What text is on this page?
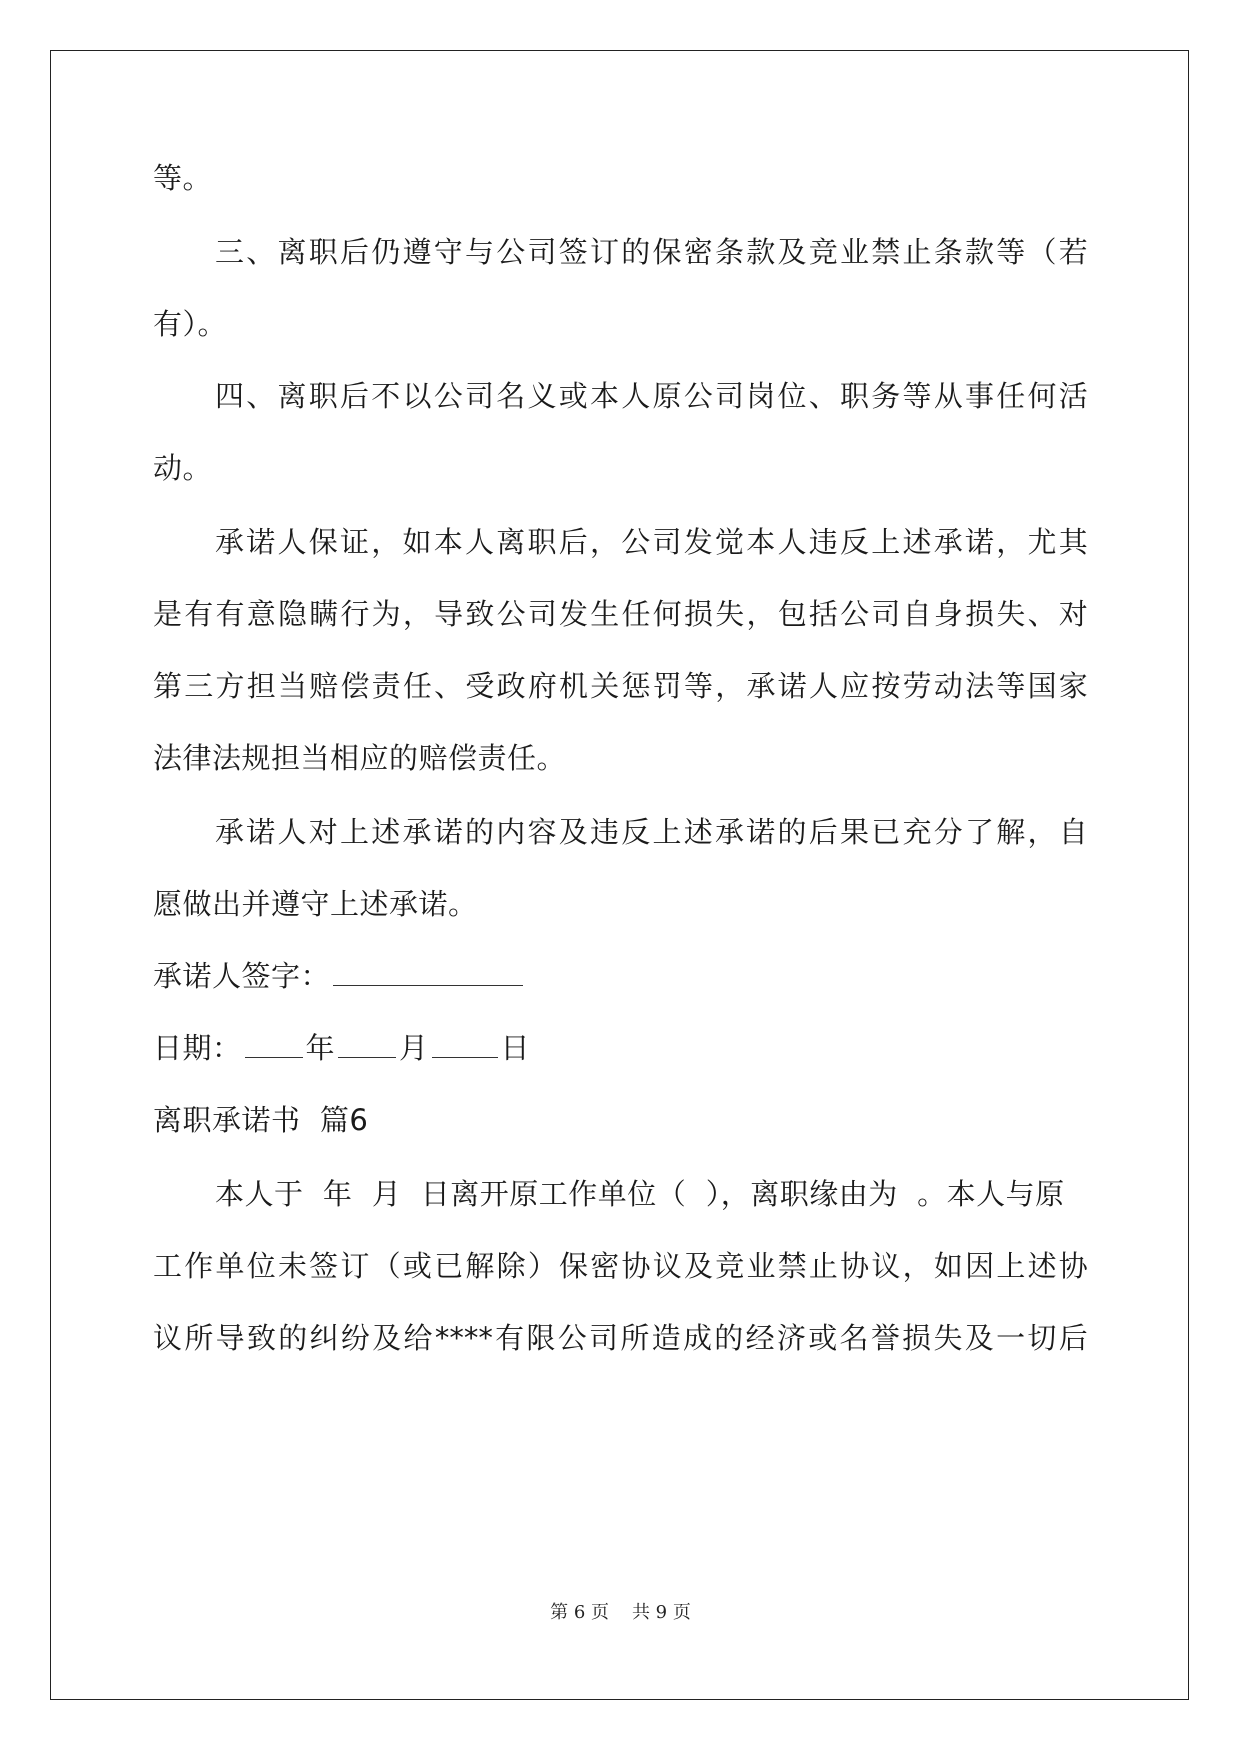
等。
三 、 离 职 后 仍 遵 守 与 公 司 签 订 的 保 密 条 款 及 竞 业 禁 止 条 款 等 （ 若
有）。
四 、 离 职 后 不 以 公 司 名 义 或 本 人 原 公 司 岗 位 、 职 务 等 从 事 任 何 活
动。
承 诺 人 保 证 ， 如 本 人 离 职 后 ， 公 司 发 觉 本 人 违 反 上 述 承 诺 ， 尤 其
是 有 有 意 隐 瞒 行 为 ， 导 致 公 司 发 生 任 何 损 失 ， 包 括 公 司 自 身 损 失 、 对
第 三 方 担 当 赔 偿 责 任 、 受 政 府 机 关 惩 罚 等 ， 承 诺 人 应 按 劳 动 法 等 国 家
法律法规担当相应的赔偿责任。
承 诺 人 对 上 述 承 诺 的 内 容 及 违 反 上 述 承 诺 的 后 果 已 充 分 了 解 ， 自
愿做出并遵守上述承诺。
承诺人签字：
日期： 年 月 日
离职承诺书  篇6
本人于  年  月  日离开原工作单位（  ），离职缘由为  。本人与原
工 作 单 位 未 签 订 （ 或 已 解 除 ） 保 密 协 议 及 竞 业 禁 止 协 议 ， 如 因 上 述 协
议 所 导 致 的 纠 纷 及 给 **** 有 限 公 司 所 造 成 的 经 济 或 名 誉 损 失 及 一 切 后
第 6 页    共 9 页
